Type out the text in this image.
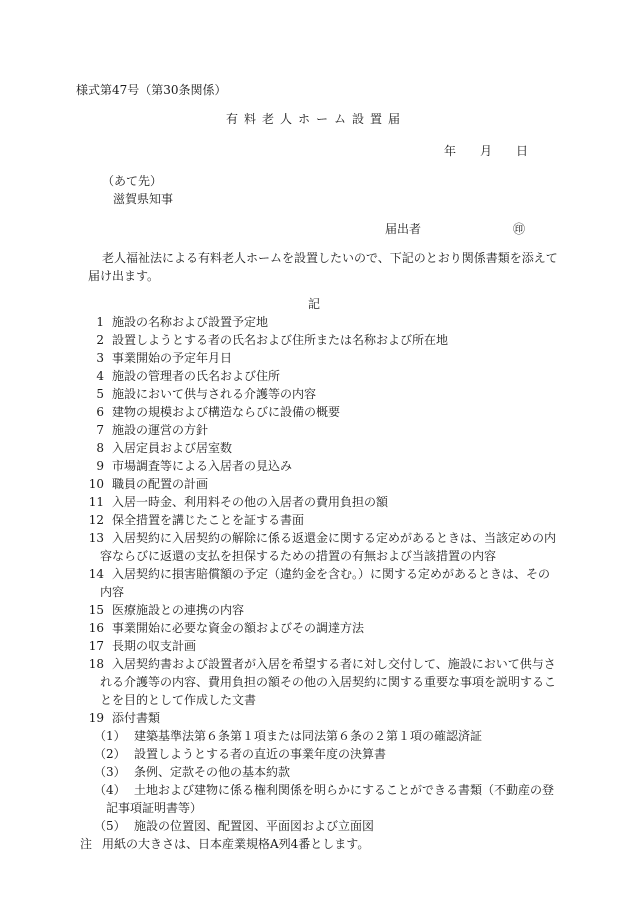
様式第47号（第30条関係）
有料老人ホーム設置届
年 月 日
（あて先）
滋賀県知事
届出者	㊞
老人福祉法による有料老人ホームを設置したいので、下記のとおり関係書類を添えて
届け出ます。
記
1 施設の名称および設置予定地
2 設置しようとする者の氏名および住所または名称および所在地
3 事業開始の予定年月日
4 施設の管理者の氏名および住所
5 施設において供与される介護等の内容
6 建物の規模および構造ならびに設備の概要
7 施設の運営の方針
8 入居定員および居室数
9 市場調査等による入居者の見込み
10 職員の配置の計画
11 入居一時金、利用料その他の入居者の費用負担の額
12 保全措置を講じたことを証する書面
13 入居契約に入居契約の解除に係る返還金に関する定めがあるときは、当該定めの内
容ならびに返還の支払を担保するための措置の有無および当該措置の内容
14 入居契約に損害賠償額の予定（違約金を含む。）に関する定めがあるときは、その
内容
15 医療施設との連携の内容
16 事業開始に必要な資金の額およびその調達方法
17 長期の収支計画
18 入居契約書および設置者が入居を希望する者に対し交付して、施設において供与さ
れる介護等の内容、費用負担の額その他の入居契約に関する重要な事項を説明するこ
とを目的として作成した文書
19 添付書類
（1） 建築基準法第６条第１項または同法第６条の２第１項の確認済証
（2） 設置しようとする者の直近の事業年度の決算書
（3） 条例、定款その他の基本約款
（4） 土地および建物に係る権利関係を明らかにすることができる書類（不動産の登
記事項証明書等）
（5） 施設の位置図、配置図、平面図および立面図
注 用紙の大きさは、日本産業規格A列4番とします。
